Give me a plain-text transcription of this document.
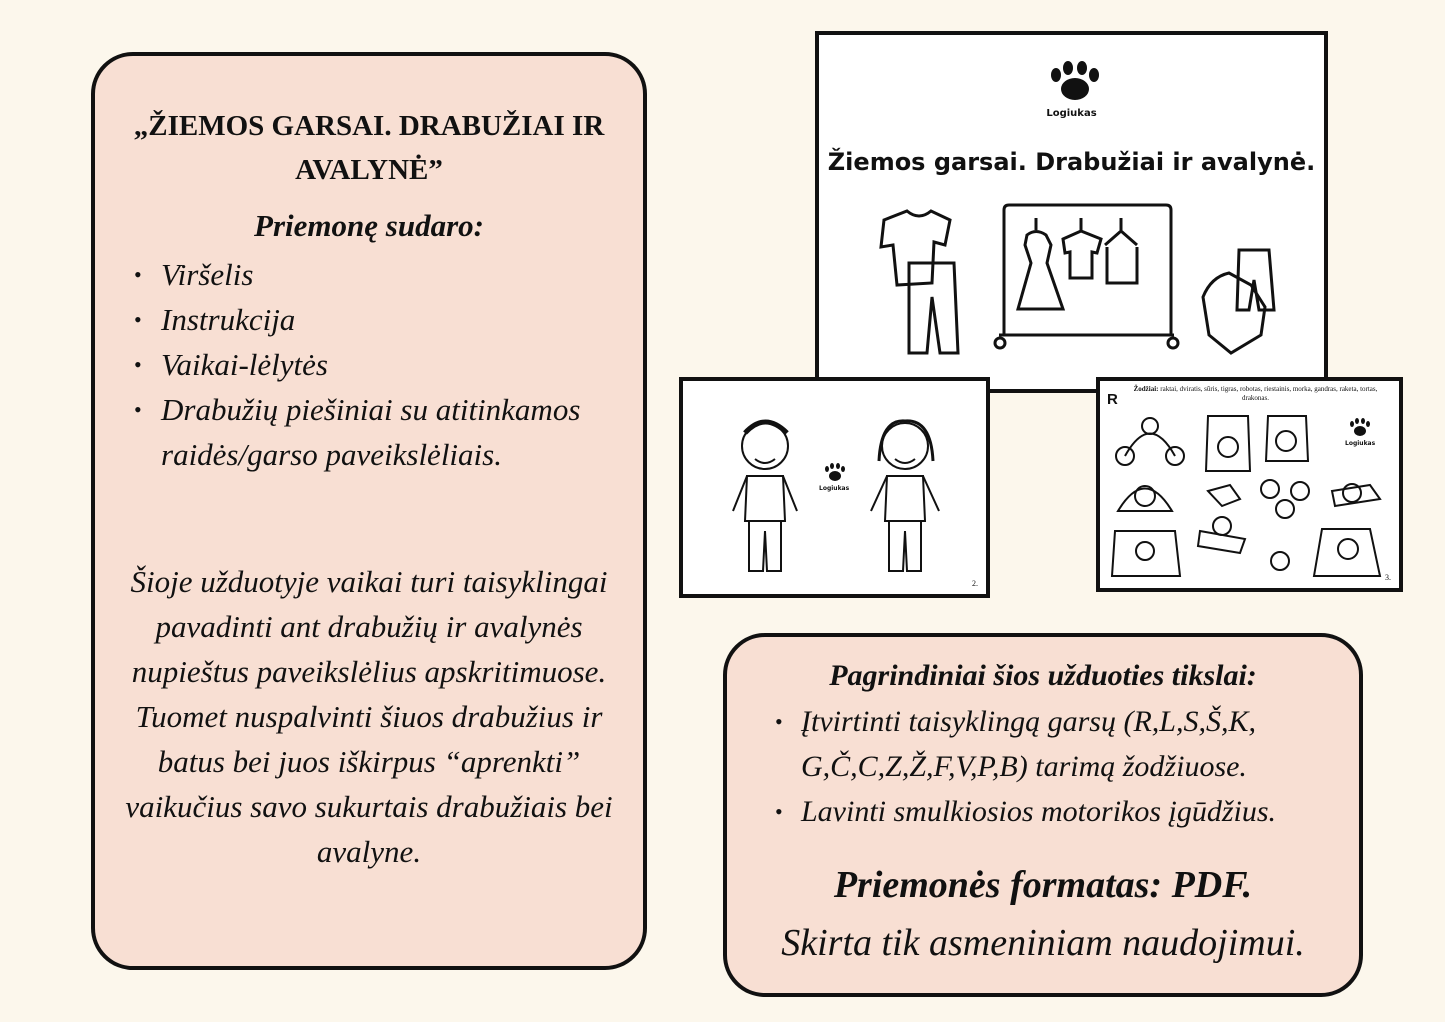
„ŽIEMOS GARSAI. DRABUŽIAI IR AVALYNĖ”
Priemonę sudaro:
• Viršelis
• Instrukcija
• Vaikai-lėlytės
• Drabužių piešiniai su atitinkamos raidės/garso paveikslėliais.
Šioje užduotyje vaikai turi taisyklingai pavadinti ant drabužių ir avalynės nupieštus paveikslėlius apskritimuose. Tuomet nuspalvinti šiuos drabužius ir batus bei juos iškirpus “aprenkti” vaikučius savo sukurtais drabužiais bei avalyne.
Logiukas
Žiemos garsai. Drabužiai ir avalynė.
Logiukas
2.
Žodžiai: raktai, dviratis, sūris, tigras, robotas, riestainis, morka, gandras, raketa, tortas, drakonas.
R
Logiukas
3.
Pagrindiniai šios užduoties tikslai:
• Įtvirtinti taisyklingą garsų (R,L,S,Š,K, G,Č,C,Z,Ž,F,V,P,B) tarimą žodžiuose.
• Lavinti smulkiosios motorikos įgūdžius.
Priemonės formatas: PDF.
Skirta tik asmeniniam naudojimui.
